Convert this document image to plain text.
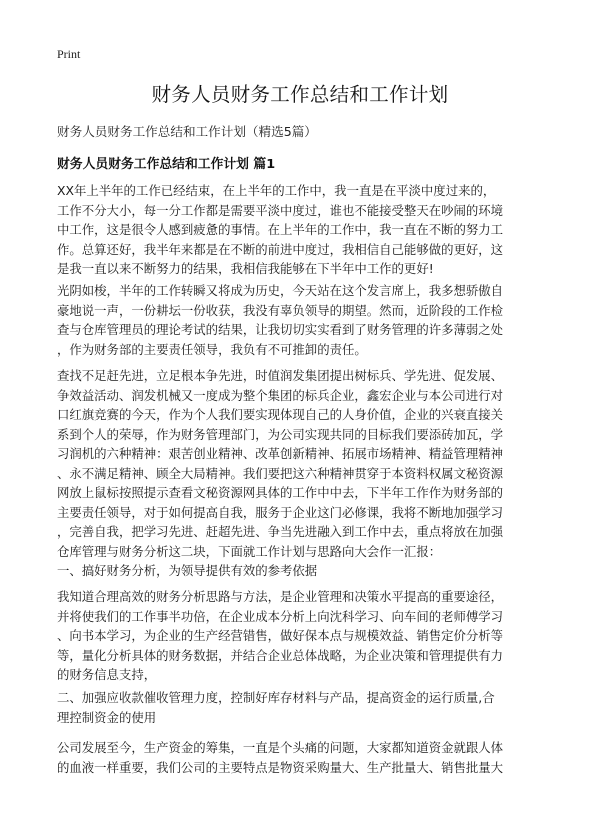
Print
财务人员财务工作总结和工作计划
财务人员财务工作总结和工作计划（精选5篇）
财务人员财务工作总结和工作计划 篇1
XX年上半年的工作已经结束，在上半年的工作中，我一直是在平淡中度过来的，
工作不分大小，每一分工作都是需要平淡中度过，谁也不能接受整天在吵闹的环境
中工作，这是很令人感到疲惫的事情。在上半年的工作中，我一直在不断的努力工
作。总算还好，我半年来都是在不断的前进中度过，我相信自己能够做的更好，这
是我一直以来不断努力的结果，我相信我能够在下半年中工作的更好!
光阴如梭，半年的工作转瞬又将成为历史，今天站在这个发言席上，我多想骄傲自
豪地说一声，一份耕坛一份收获，我没有辜负领导的期望。然而，近阶段的工作检
查与仓库管理员的理论考试的结果，让我切切实实看到了财务管理的许多薄弱之处
，作为财务部的主要责任领导，我负有不可推卸的责任。
查找不足赶先进，立足根本争先进，时值润发集团提出树标兵、学先进、促发展、
争效益活动、润发机械又一度成为整个集团的标兵企业，鑫宏企业与本公司进行对
口红旗竞赛的今天，作为个人我们要实现体现自己的人身价值，企业的兴衰直接关
系到个人的荣辱，作为财务管理部门，为公司实现共同的目标我们要添砖加瓦，学
习润机的六种精神：艰苦创业精神、改革创新精神、拓展市场精神、精益管理精神
、永不满足精神、顾全大局精神。我们要把这六种精神贯穿于本资料权属文秘资源
网放上鼠标按照提示查看文秘资源网具体的工作中中去，下半年工作作为财务部的
主要责任领导，对于如何提高自我，服务于企业这门必修课，我将不断地加强学习
，完善自我，把学习先进、赶超先进、争当先进融入到工作中去，重点将放在加强
仓库管理与财务分析这二块，下面就工作计划与思路向大会作一汇报：
一、搞好财务分析，为领导提供有效的参考依据
我知道合理高效的财务分析思路与方法，是企业管理和决策水平提高的重要途径，
并将使我们的工作事半功倍，在企业成本分析上向沈科学习、向车间的老师傅学习
、向书本学习，为企业的生产经营错售，做好保本点与规模效益、销售定价分析等
等，量化分析具体的财务数据，并结合企业总体战略，为企业决策和管理提供有力
的财务信息支持，
二、加强应收款催收管理力度，控制好库存材料与产品，提高资金的运行质量,合
理控制资金的使用
公司发展至今，生产资金的筹集，一直是个头痛的问题，大家都知道资金就跟人体
的血液一样重要，我们公司的主要特点是物资采购量大、生产批量大、销售批量大
